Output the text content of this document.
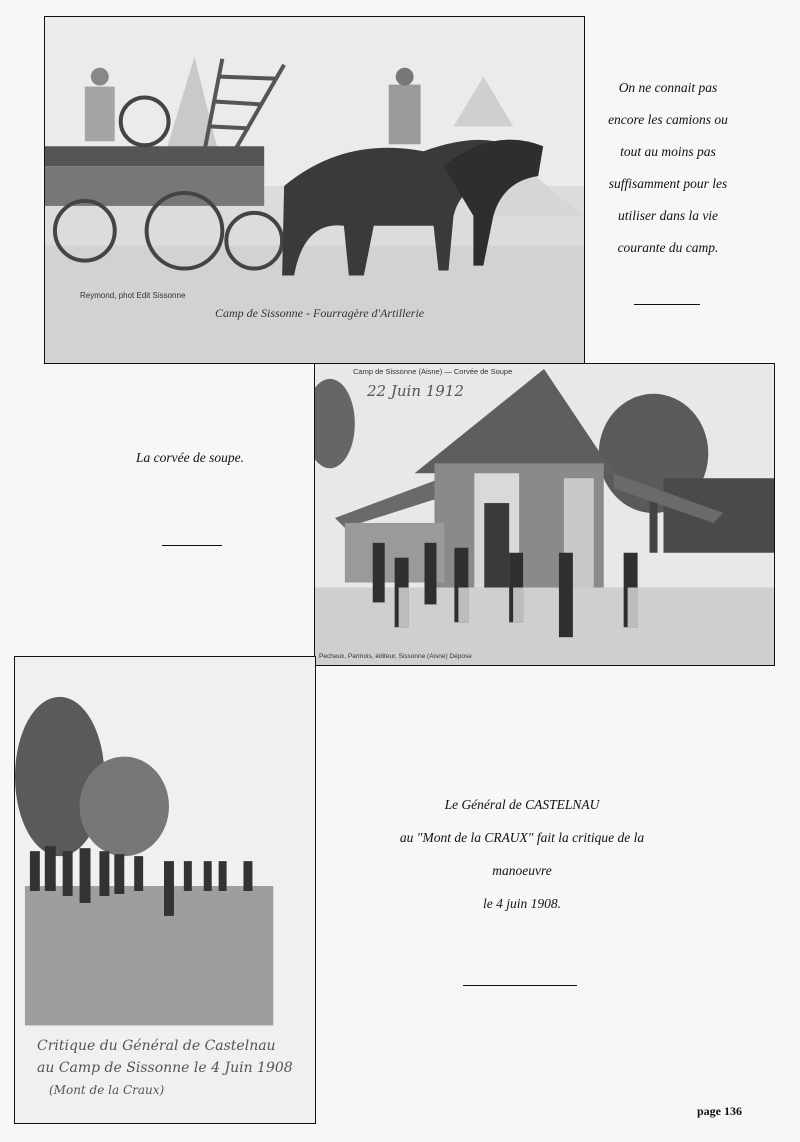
Reymond, phot Edit Sissonne
Camp de Sissonne - Fourragère d'Artillerie

On ne connait pas

encore les camions ou

tout au moins pas

suffisamment pour les

utiliser dans la vie

courante du camp.

La corvée de soupe.
Camp de Sissonne (Aisne) — Corvée de Soupe
22 Juin 1912
Pecheux, Parmois, éditeur, Sissonne (Aisne) Dépose
Critique du Général de Castelnau
au Camp de Sissonne le 4 Juin 1908
(Mont de la Craux)

Le Général de CASTELNAU

au "Mont de la CRAUX" fait la critique de la manoeuvre

le 4 juin 1908.

page 136
